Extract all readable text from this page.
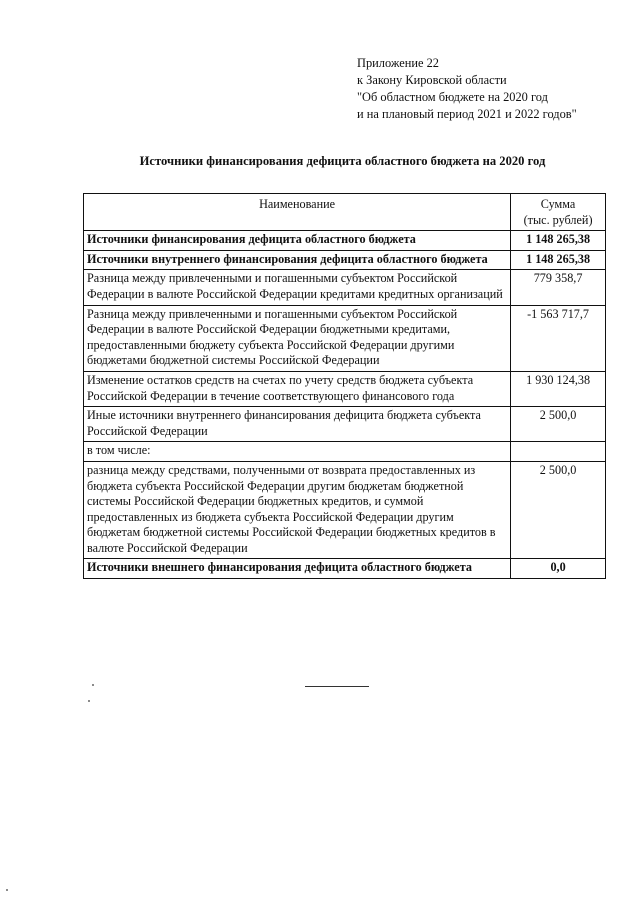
Приложение 22
к Закону Кировской области
"Об областном бюджете на 2020 год
и на плановый период 2021 и 2022 годов"
Источники финансирования дефицита областного бюджета на 2020 год
Наименование	Сумма
(тыс. рублей)

Источники финансирования дефицита областного бюджета	1 148 265,38
Источники внутреннего финансирования дефицита областного бюджета	1 148 265,38
Разница между привлеченными и погашенными субъектом Российской Федерации в валюте Российской Федерации кредитами кредитных организаций	779 358,7
Разница между привлеченными и погашенными субъектом Российской Федерации в валюте Российской Федерации бюджетными кредитами, предоставленными бюджету субъекта Российской Федерации другими бюджетами бюджетной системы Российской Федерации	-1 563 717,7
Изменение остатков средств на счетах по учету средств бюджета субъекта Российской Федерации в течение соответствующего финансового года	1 930 124,38
Иные источники внутреннего финансирования дефицита бюджета субъекта Российской Федерации	2 500,0
в том числе:	
разница между средствами, полученными от возврата предоставленных из бюджета субъекта Российской Федерации другим бюджетам бюджетной системы Российской Федерации бюджетных кредитов, и суммой предоставленных из бюджета субъекта Российской Федерации другим бюджетам бюджетной системы Российской Федерации бюджетных кредитов в валюте Российской Федерации	2 500,0
Источники внешнего финансирования дефицита областного бюджета	0,0
